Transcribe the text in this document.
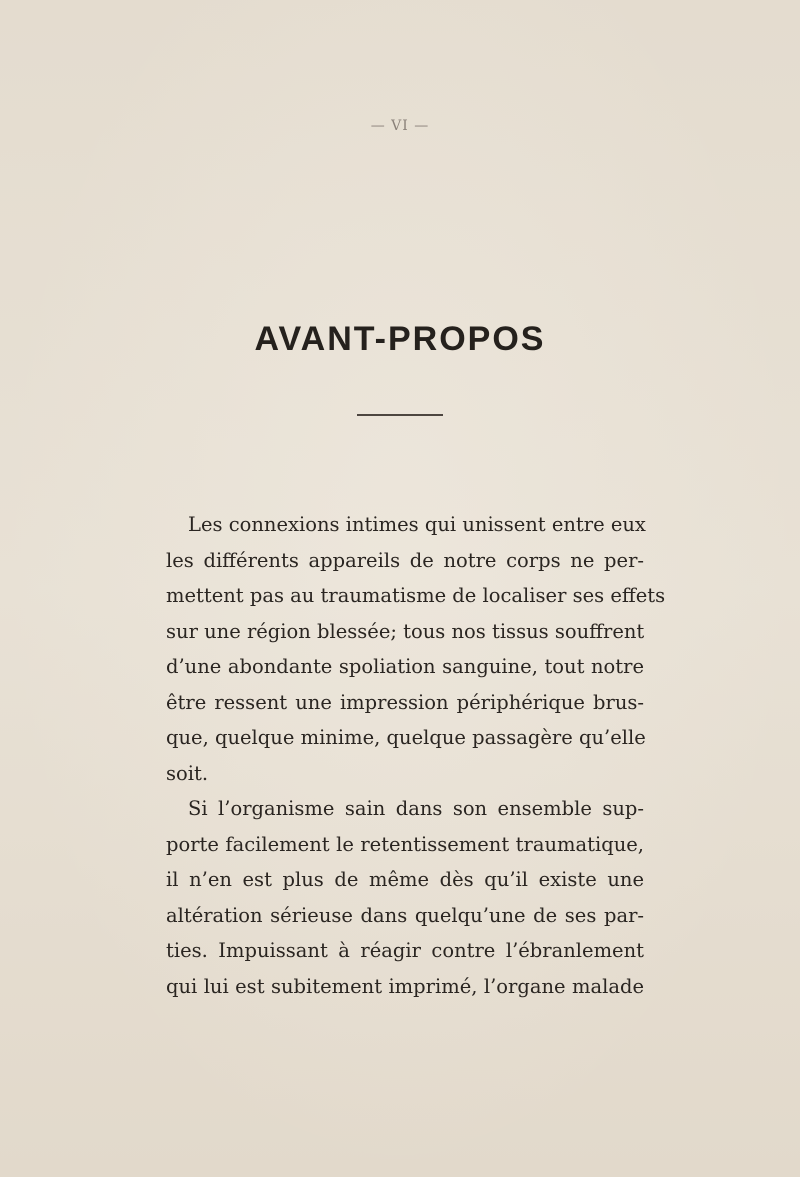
— VI —
AVANT-PROPOS
Les connexions intimes qui unissent entre eux
les différents appareils de notre corps ne per-
mettent pas au traumatisme de localiser ses effets
sur une région blessée; tous nos tissus souffrent
d’une abondante spoliation sanguine, tout notre
être ressent une impression périphérique brus-
que, quelque minime, quelque passagère qu’elle
soit.
Si l’organisme sain dans son ensemble sup-
porte facilement le retentissement traumatique,
il n’en est plus de même dès qu’il existe une
altération sérieuse dans quelqu’une de ses par-
ties. Impuissant à réagir contre l’ébranlement
qui lui est subitement imprimé, l’organe malade
